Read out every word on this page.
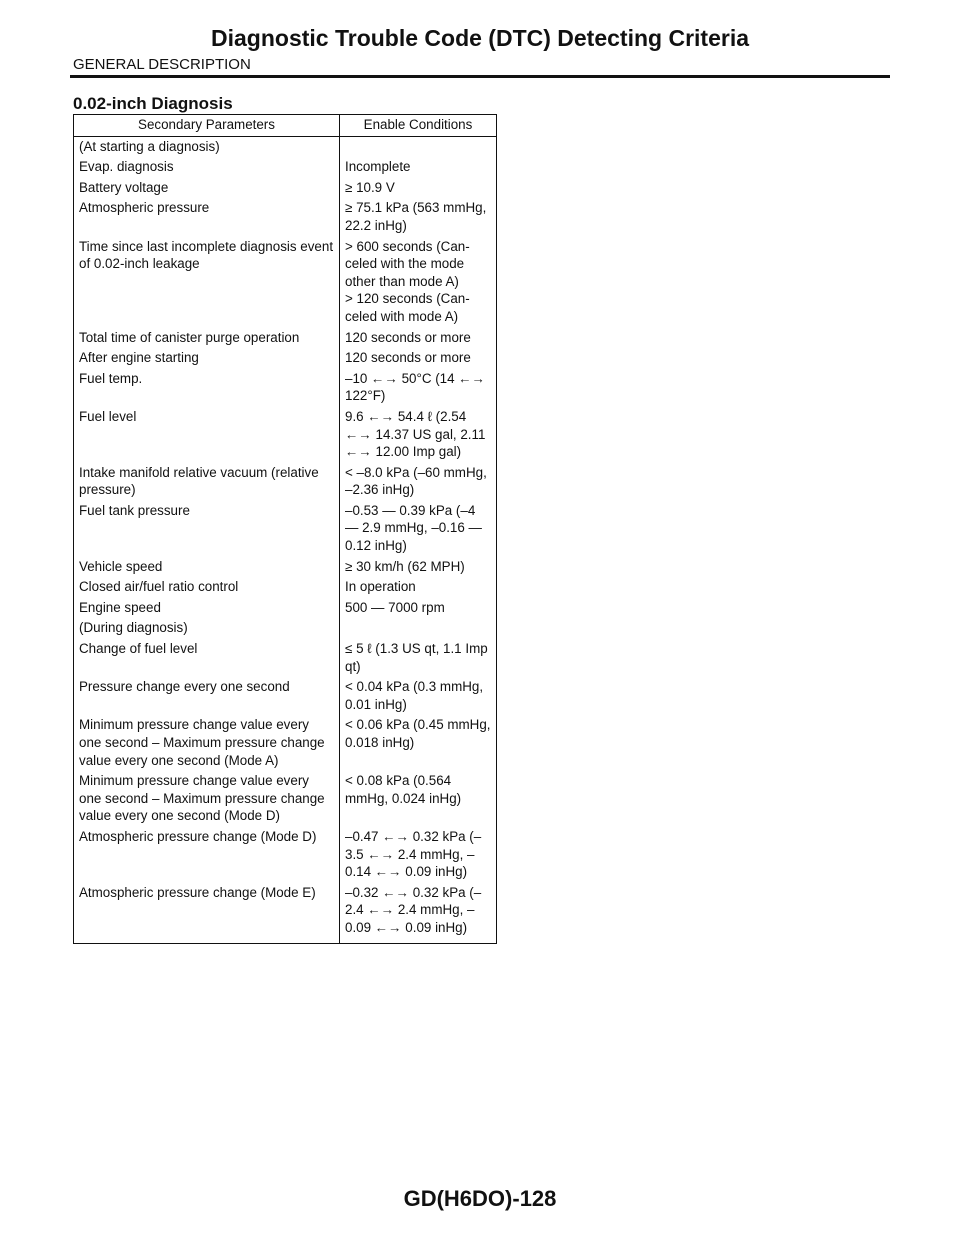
Diagnostic Trouble Code (DTC) Detecting Criteria
GENERAL DESCRIPTION
0.02-inch Diagnosis
Secondary Parameters	Enable Conditions
(At starting a diagnosis)	

Evap. diagnosis	Incomplete

Battery voltage	≥ 10.9 V

Atmospheric pressure	≥ 75.1 kPa (563 mmHg, 22.2 inHg)

Time since last incomplete diagnosis event of 0.02-inch leakage	> 600 seconds (Can-celed with the mode other than mode A)
> 120 seconds (Can-celed with mode A)

Total time of canister purge operation	120 seconds or more

After engine starting	120 seconds or more

Fuel temp.	–10 ←→ 50°C (14 ←→ 122°F)

Fuel level	9.6 ←→ 54.4 ℓ (2.54 ←→ 14.37 US gal, 2.11 ←→ 12.00 Imp gal)

Intake manifold relative vacuum (relative pressure)	< –8.0 kPa (–60 mmHg, –2.36 inHg)

Fuel tank pressure	–0.53 — 0.39 kPa (–4 — 2.9 mmHg, –0.16 — 0.12 inHg)

Vehicle speed	≥ 30 km/h (62 MPH)

Closed air/fuel ratio control	In operation

Engine speed	500 — 7000 rpm

(During diagnosis)	

Change of fuel level	≤ 5 ℓ (1.3 US qt, 1.1 Imp qt)

Pressure change every one second	< 0.04 kPa (0.3 mmHg, 0.01 inHg)

Minimum pressure change value every one second – Maximum pressure change value every one second (Mode A)	< 0.06 kPa (0.45 mmHg, 0.018 inHg)

Minimum pressure change value every one second – Maximum pressure change value every one second (Mode D)	< 0.08 kPa (0.564 mmHg, 0.024 inHg)

Atmospheric pressure change (Mode D)	–0.47 ←→ 0.32 kPa (–3.5 ←→ 2.4 mmHg, –0.14 ←→ 0.09 inHg)

Atmospheric pressure change (Mode E)	–0.32 ←→ 0.32 kPa (–2.4 ←→ 2.4 mmHg, –0.09 ←→ 0.09 inHg)
GD(H6DO)-128
